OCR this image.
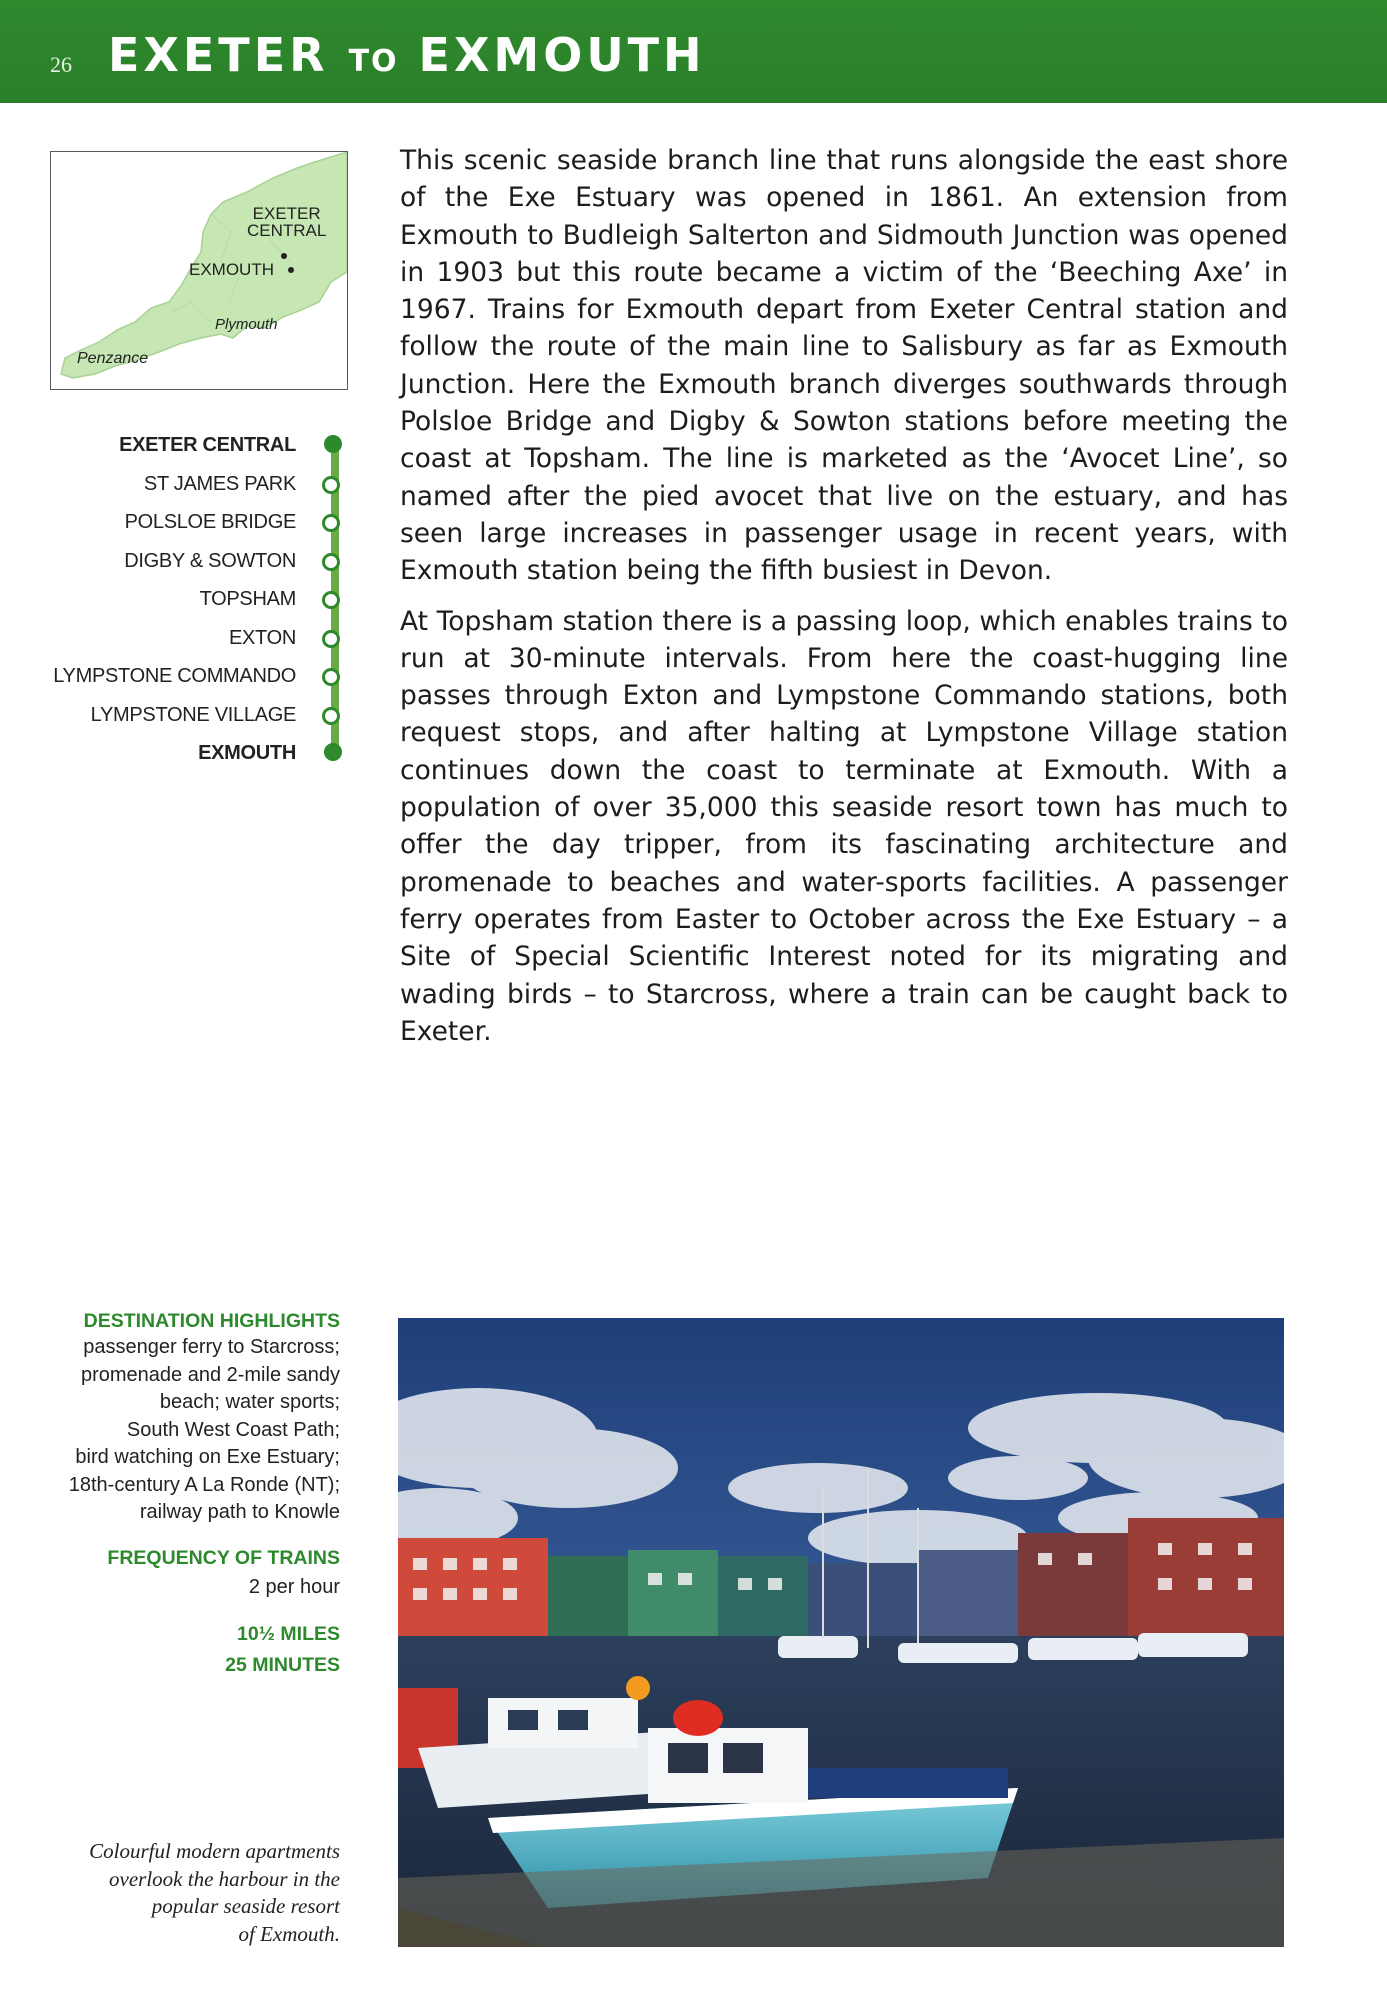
26 EXETER TO EXMOUTH
EXETER
CENTRAL
EXMOUTH
Plymouth
Penzance
EXETER CENTRAL
ST JAMES PARK
POLSLOE BRIDGE
DIGBY & SOWTON
TOPSHAM
EXTON
LYMPSTONE COMMANDO
LYMPSTONE VILLAGE
EXMOUTH

This scenic seaside branch line that runs alongside the east shore of the Exe Estuary was opened in 1861. An extension from Exmouth to Budleigh Salterton and Sidmouth Junction was opened in 1903 but this route became a victim of the ‘Beeching Axe’ in 1967. Trains for Exmouth depart from Exeter Central station and follow the route of the main line to Salisbury as far as Exmouth Junction. Here the Exmouth branch diverges southwards through Polsloe Bridge and Digby & Sowton stations before meeting the coast at Topsham. The line is marketed as the ‘Avocet Line’, so named after the pied avocet that live on the estuary, and has seen large increases in passenger usage in recent years, with Exmouth station being the fifth busiest in Devon.

At Topsham station there is a passing loop, which enables trains to run at 30-minute intervals. From here the coast-hugging line passes through Exton and Lympstone Commando stations, both request stops, and after halting at Lympstone Village station continues down the coast to terminate at Exmouth. With a population of over 35,000 this seaside resort town has much to offer the day tripper, from its fascinating architecture and promenade to beaches and water-sports facilities. A passenger ferry operates from Easter to October across the Exe Estuary – a Site of Special Scientific Interest noted for its migrating and wading birds – to Starcross, where a train can be caught back to Exeter.

DESTINATION HIGHLIGHTS
passenger ferry to Starcross;
promenade and 2-mile sandy
beach; water sports;
South West Coast Path;
bird watching on Exe Estuary;
18th-century A La Ronde (NT);
railway path to Knowle
FREQUENCY OF TRAINS
2 per hour
10½ MILES
25 MINUTES
Colourful modern apartments
overlook the harbour in the
popular seaside resort
of Exmouth.
